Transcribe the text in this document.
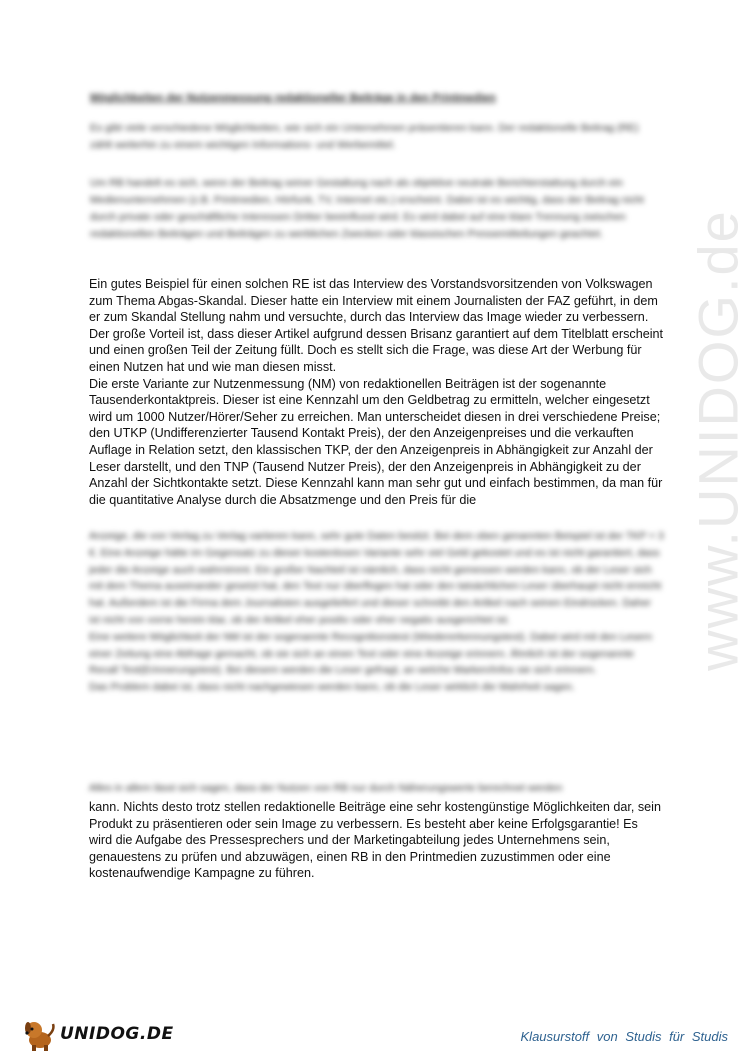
www.UNIDOG.de
Möglichkeiten der Nutzenmessung redaktioneller Beiträge in den Printmedien
Es gibt viele verschiedene Möglichkeiten, wie sich ein Unternehmen präsentieren kann. Der redaktionelle Beitrag (RE) zählt weiterhin zu einem wichtigen Informations- und Werbemittel.
Um RB handelt es sich, wenn der Beitrag seiner Gestaltung nach als objektive neutrale Berichterstattung durch ein Medienunternehmen (z.B. Printmedien, Hörfunk, TV, Internet etc.) erscheint. Dabei ist es wichtig, dass der Beitrag nicht durch private oder geschäftliche Interessen Dritter beeinflusst wird. Es wird dabei auf eine klare Trennung zwischen redaktionellen Beiträgen und Beiträgen zu werblichen Zwecken oder klassischen Pressemitteilungen geachtet.

Ein gutes Beispiel für einen solchen RE ist das Interview des Vorstandsvorsitzenden von Volkswagen zum Thema Abgas-Skandal. Dieser hatte ein Interview mit einem Journalisten der FAZ geführt, in dem er zum Skandal Stellung nahm und versuchte, durch das Interview das Image wieder zu verbessern.

Der große Vorteil ist, dass dieser Artikel aufgrund dessen Brisanz garantiert auf dem Titelblatt erscheint und einen großen Teil der Zeitung füllt. Doch es stellt sich die Frage, was diese Art der Werbung für einen Nutzen hat und wie man diesen misst.

Die erste Variante zur Nutzenmessung (NM) von redaktionellen Beiträgen ist der sogenannte Tausenderkontaktpreis. Dieser ist eine Kennzahl um den Geldbetrag zu ermitteln, welcher eingesetzt wird um 1000 Nutzer/Hörer/Seher zu erreichen. Man unterscheidet diesen in drei verschiedene Preise; den UTKP (Undifferenzierter Tausend Kontakt Preis), der den Anzeigenpreises und die verkauften Auflage in Relation setzt, den klassischen TKP, der den Anzeigenpreis in Abhängigkeit zur Anzahl der Leser darstellt, und den TNP (Tausend Nutzer Preis), der den Anzeigenpreis in Abhängigkeit zu der Anzahl der Sichtkontakte setzt. Diese Kennzahl kann man sehr gut und einfach bestimmen, da man für die quantitative Analyse durch die Absatzmenge und den Preis für die

Anzeige, die von Verlag zu Verlag variieren kann, sehr gute Daten besitzt. Bei dem oben genannten Beispiel ist der TKP = 3 €. Eine Anzeige hätte im Gegensatz zu dieser kostenlosen Variante sehr viel Geld gekostet und es ist nicht garantiert, dass jeder die Anzeige auch wahrnimmt. Ein großer Nachteil ist nämlich, dass nicht gemessen werden kann, ob der Leser sich mit dem Thema auseinander gesetzt hat, den Text nur überflogen hat oder den tatsächlichen Leser überhaupt nicht erreicht hat. Außerdem ist die Firma dem Journalisten ausgeliefert und dieser schreibt den Artikel nach seinen Eindrücken. Daher ist nicht von vorne herein klar, ob der Artikel eher positiv oder eher negativ ausgerichtet ist.

Eine weitere Möglichkeit der NM ist der sogenannte Recognitionstest (Wiedererkennungstest). Dabei wird mit den Lesern einer Zeitung eine Abfrage gemacht, ob sie sich an einen Text oder eine Anzeige erinnern. Ähnlich ist der sogenannte Recall Test(Erinnerungstest). Bei diesem werden die Leser gefragt, an welche Marken/Infos sie sich erinnern.

Das Problem dabei ist, dass nicht nachgewiesen werden kann, ob die Leser wirklich die Wahrheit sagen.

Alles in allem lässt sich sagen, dass der Nutzen von RB nur durch Näherungswerte berechnet werden

kann. Nichts desto trotz stellen redaktionelle Beiträge eine sehr kostengünstige Möglichkeiten dar, sein Produkt zu präsentieren oder sein Image zu verbessern. Es besteht aber keine Erfolgsgarantie! Es wird die Aufgabe des Pressesprechers und der Marketingabteilung jedes Unternehmens sein, genauestens zu prüfen und abzuwägen, einen RB in den Printmedien zuzustimmen oder eine kostenaufwendige Kampagne zu führen.

UNIDOG.DE	Klausurstoff von Studis für Studis
